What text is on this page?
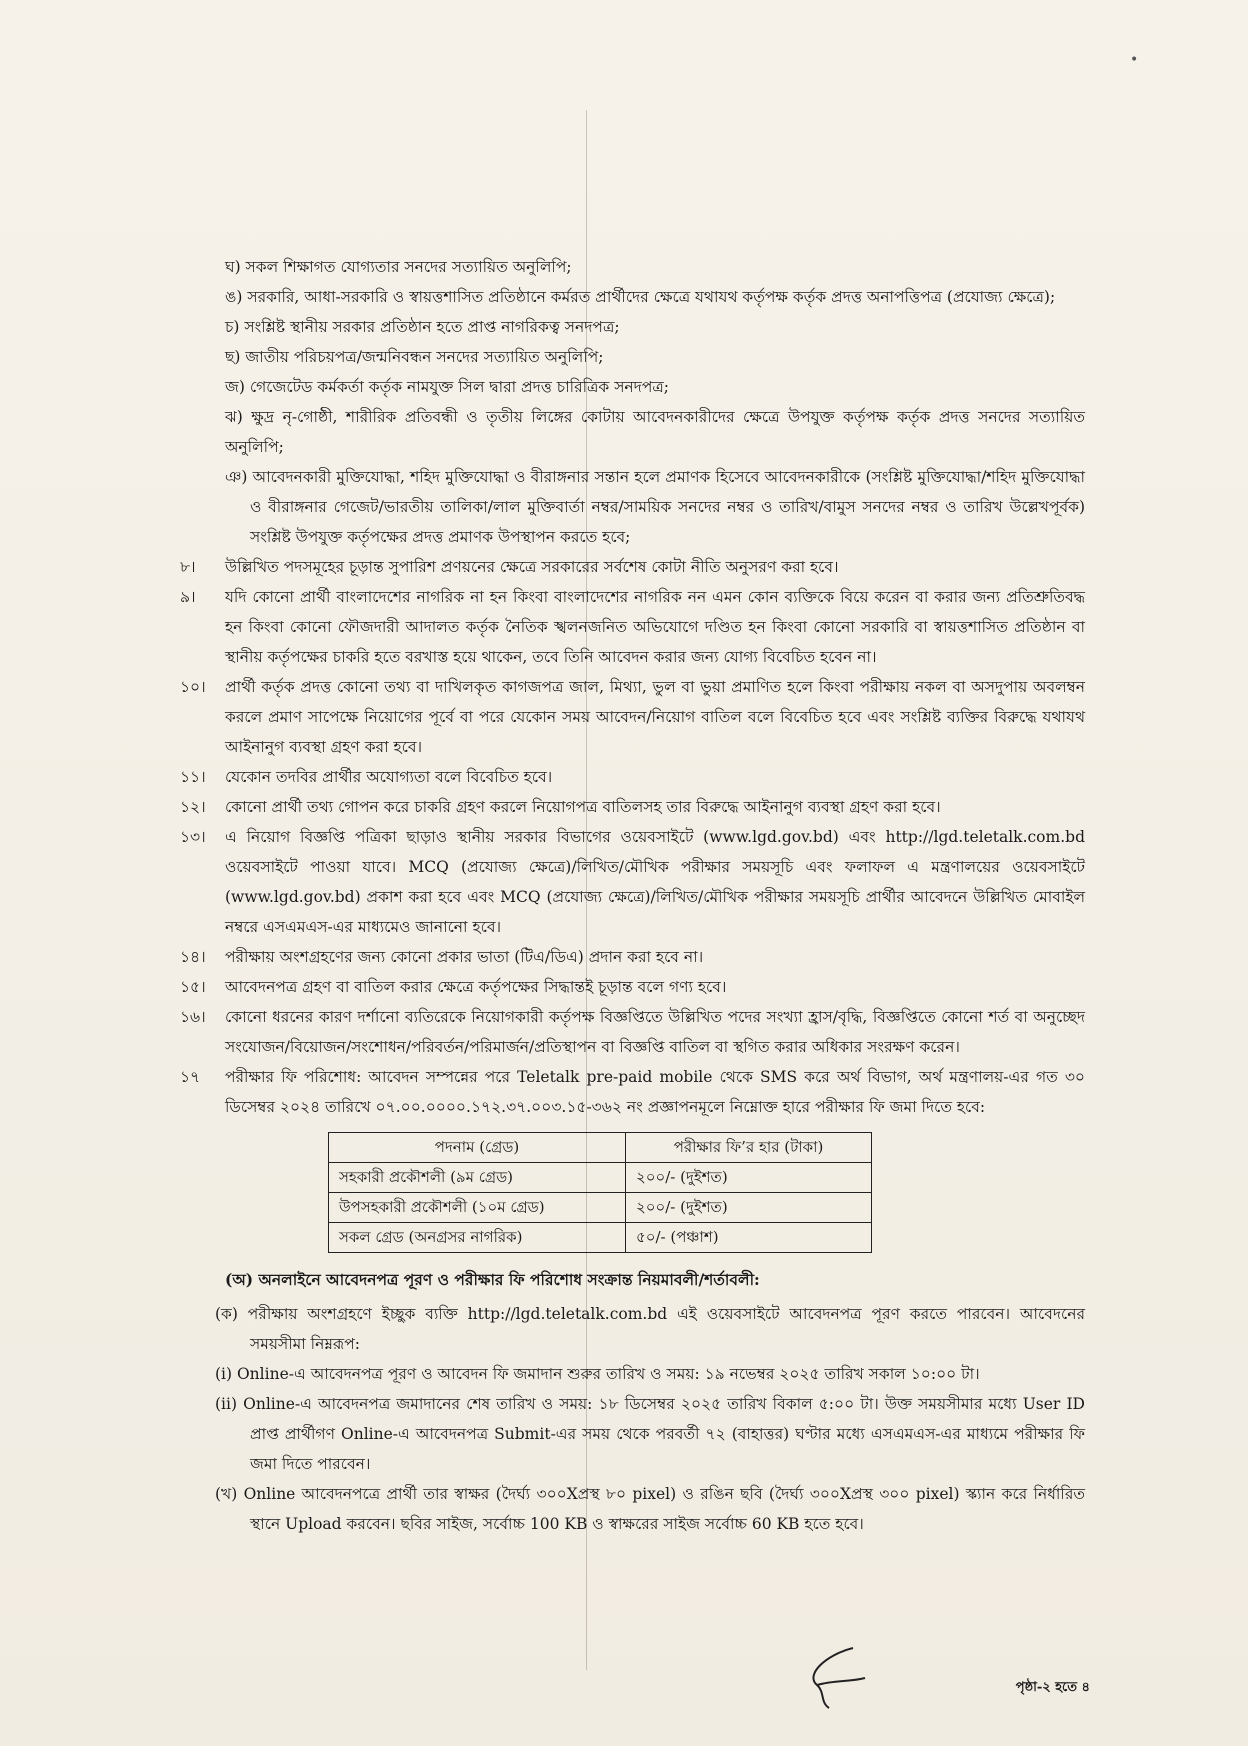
•
ঘ) সকল শিক্ষাগত যোগ্যতার সনদের সত্যায়িত অনুলিপি;
ঙ) সরকারি, আধা-সরকারি ও স্বায়ত্তশাসিত প্রতিষ্ঠানে কর্মরত প্রার্থীদের ক্ষেত্রে যথাযথ কর্তৃপক্ষ কর্তৃক প্রদত্ত অনাপত্তিপত্র (প্রযোজ্য ক্ষেত্রে);
চ) সংশ্লিষ্ট স্থানীয় সরকার প্রতিষ্ঠান হতে প্রাপ্ত নাগরিকত্ব সনদপত্র;
ছ) জাতীয় পরিচয়পত্র/জন্মনিবন্ধন সনদের সত্যায়িত অনুলিপি;
জ) গেজেটেড কর্মকর্তা কর্তৃক নামযুক্ত সিল দ্বারা প্রদত্ত চারিত্রিক সনদপত্র;
ঝ) ক্ষুদ্র নৃ-গোষ্ঠী, শারীরিক প্রতিবন্ধী ও তৃতীয় লিঙ্গের কোটায় আবেদনকারীদের ক্ষেত্রে উপযুক্ত কর্তৃপক্ষ কর্তৃক প্রদত্ত সনদের সত্যায়িত অনুলিপি;
ঞ) আবেদনকারী মুক্তিযোদ্ধা, শহিদ মুক্তিযোদ্ধা ও বীরাঙ্গনার সন্তান হলে প্রমাণক হিসেবে আবেদনকারীকে (সংশ্লিষ্ট মুক্তিযোদ্ধা/শহিদ মুক্তিযোদ্ধা ও বীরাঙ্গনার গেজেট/ভারতীয় তালিকা/লাল মুক্তিবার্তা নম্বর/সাময়িক সনদের নম্বর ও তারিখ/বামুস সনদের নম্বর ও তারিখ উল্লেখপূর্বক) সংশ্লিষ্ট উপযুক্ত কর্তৃপক্ষের প্রদত্ত প্রমাণক উপস্থাপন করতে হবে;
৮।	উল্লিখিত পদসমূহের চূড়ান্ত সুপারিশ প্রণয়নের ক্ষেত্রে সরকারের সর্বশেষ কোটা নীতি অনুসরণ করা হবে।
৯।	যদি কোনো প্রার্থী বাংলাদেশের নাগরিক না হন কিংবা বাংলাদেশের নাগরিক নন এমন কোন ব্যক্তিকে বিয়ে করেন বা করার জন্য প্রতিশ্রুতিবদ্ধ হন কিংবা কোনো ফৌজদারী আদালত কর্তৃক নৈতিক স্খলনজনিত অভিযোগে দণ্ডিত হন কিংবা কোনো সরকারি বা স্বায়ত্তশাসিত প্রতিষ্ঠান বা স্থানীয় কর্তৃপক্ষের চাকরি হতে বরখাস্ত হয়ে থাকেন, তবে তিনি আবেদন করার জন্য যোগ্য বিবেচিত হবেন না।
১০।	প্রার্থী কর্তৃক প্রদত্ত কোনো তথ্য বা দাখিলকৃত কাগজপত্র জাল, মিথ্যা, ভুল বা ভুয়া প্রমাণিত হলে কিংবা পরীক্ষায় নকল বা অসদুপায় অবলম্বন করলে প্রমাণ সাপেক্ষে নিয়োগের পূর্বে বা পরে যেকোন সময় আবেদন/নিয়োগ বাতিল বলে বিবেচিত হবে এবং সংশ্লিষ্ট ব্যক্তির বিরুদ্ধে যথাযথ আইনানুগ ব্যবস্থা গ্রহণ করা হবে।
১১।	যেকোন তদবির প্রার্থীর অযোগ্যতা বলে বিবেচিত হবে।
১২।	কোনো প্রার্থী তথ্য গোপন করে চাকরি গ্রহণ করলে নিয়োগপত্র বাতিলসহ তার বিরুদ্ধে আইনানুগ ব্যবস্থা গ্রহণ করা হবে।
১৩।	এ নিয়োগ বিজ্ঞপ্তি পত্রিকা ছাড়াও স্থানীয় সরকার বিভাগের ওয়েবসাইটে (www.lgd.gov.bd) এবং http://lgd.teletalk.com.bd ওয়েবসাইটে পাওয়া যাবে। MCQ (প্রযোজ্য ক্ষেত্রে)/লিখিত/মৌখিক পরীক্ষার সময়সূচি এবং ফলাফল এ মন্ত্রণালয়ের ওয়েবসাইটে (www.lgd.gov.bd) প্রকাশ করা হবে এবং MCQ (প্রযোজ্য ক্ষেত্রে)/লিখিত/মৌখিক পরীক্ষার সময়সূচি প্রার্থীর আবেদনে উল্লিখিত মোবাইল নম্বরে এসএমএস-এর মাধ্যমেও জানানো হবে।
১৪।	পরীক্ষায় অংশগ্রহণের জন্য কোনো প্রকার ভাতা (টিএ/ডিএ) প্রদান করা হবে না।
১৫।	আবেদনপত্র গ্রহণ বা বাতিল করার ক্ষেত্রে কর্তৃপক্ষের সিদ্ধান্তই চূড়ান্ত বলে গণ্য হবে।
১৬।	কোনো ধরনের কারণ দর্শানো ব্যতিরেকে নিয়োগকারী কর্তৃপক্ষ বিজ্ঞপ্তিতে উল্লিখিত পদের সংখ্যা হ্রাস/বৃদ্ধি, বিজ্ঞপ্তিতে কোনো শর্ত বা অনুচ্ছেদ সংযোজন/বিয়োজন/সংশোধন/পরিবর্তন/পরিমার্জন/প্রতিস্থাপন বা বিজ্ঞপ্তি বাতিল বা স্থগিত করার অধিকার সংরক্ষণ করেন।
১৭	পরীক্ষার ফি পরিশোধ: আবেদন সম্পন্নের পরে Teletalk pre-paid mobile থেকে SMS করে অর্থ বিভাগ, অর্থ মন্ত্রণালয়-এর গত ৩০ ডিসেম্বর ২০২৪ তারিখে ০৭.০০.০০০০.১৭২.৩৭.০০৩.১৫-৩৬২ নং প্রজ্ঞাপনমূলে নিম্নোক্ত হারে পরীক্ষার ফি জমা দিতে হবে:
পদনাম (গ্রেড)	পরীক্ষার ফি’র হার (টাকা)
সহকারী প্রকৌশলী (৯ম গ্রেড)	২০০/- (দুইশত)
উপসহকারী প্রকৌশলী (১০ম গ্রেড)	২০০/- (দুইশত)
সকল গ্রেড (অনগ্রসর নাগরিক)	৫০/- (পঞ্চাশ)
(অ) অনলাইনে আবেদনপত্র পূরণ ও পরীক্ষার ফি পরিশোধ সংক্রান্ত নিয়মাবলী/শর্তাবলী:
(ক) পরীক্ষায় অংশগ্রহণে ইচ্ছুক ব্যক্তি http://lgd.teletalk.com.bd এই ওয়েবসাইটে আবেদনপত্র পূরণ করতে পারবেন। আবেদনের সময়সীমা নিম্নরূপ:
(i) Online-এ আবেদনপত্র পূরণ ও আবেদন ফি জমাদান শুরুর তারিখ ও সময়: ১৯ নভেম্বর ২০২৫ তারিখ সকাল ১০:০০ টা।
(ii) Online-এ আবেদনপত্র জমাদানের শেষ তারিখ ও সময়: ১৮ ডিসেম্বর ২০২৫ তারিখ বিকাল ৫:০০ টা। উক্ত সময়সীমার মধ্যে User ID প্রাপ্ত প্রার্থীগণ Online-এ আবেদনপত্র Submit-এর সময় থেকে পরবর্তী ৭২ (বাহাত্তর) ঘণ্টার মধ্যে এসএমএস-এর মাধ্যমে পরীক্ষার ফি জমা দিতে পারবেন।
(খ) Online আবেদনপত্রে প্রার্থী তার স্বাক্ষর (দৈর্ঘ্য ৩০০Xপ্রস্থ ৮০ pixel) ও রঙিন ছবি (দৈর্ঘ্য ৩০০Xপ্রস্থ ৩০০ pixel) স্ক্যান করে নির্ধারিত স্থানে Upload করবেন। ছবির সাইজ, সর্বোচ্চ 100 KB ও স্বাক্ষরের সাইজ সর্বোচ্চ 60 KB হতে হবে।
পৃষ্ঠা-২ হতে ৪
